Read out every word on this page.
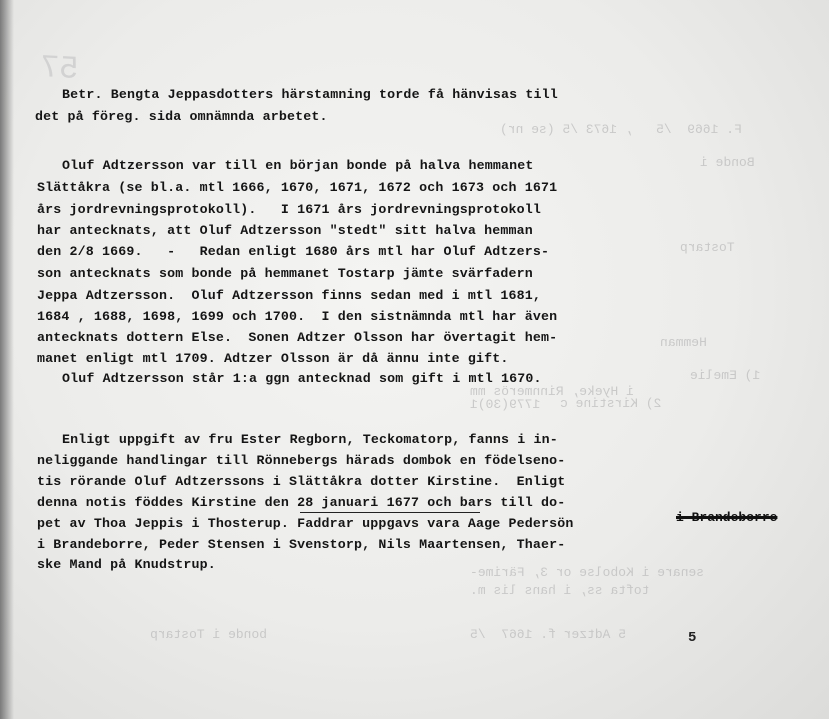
57
F. 1669  /5   , 1673 /5 (se nr)
Bonde i
Tostarp
Hemman
1) Emelie
i Hyeke, Rinnmerös mm
1779(30)1 2) Kirstine c
senare i Kobolse or 3, Färime-
tofta ss, i hans lis m.
bonde i Tostarp	5 Adtzer f. 1667  /5
Betr. Bengta Jeppasdotters härstamning torde få hänvisas till
det på föreg. sida omnämnda arbetet.
Oluf Adtzersson var till en början bonde på halva hemmanet
Slättåkra (se bl.a. mtl 1666, 1670, 1671, 1672 och 1673 och 1671
års jordrevningsprotokoll).   I 1671 års jordrevningsprotokoll
har antecknats, att Oluf Adtzersson "stedt" sitt halva hemman
den 2/8 1669.   -   Redan enligt 1680 års mtl har Oluf Adtzers-
son antecknats som bonde på hemmanet Tostarp jämte svärfadern
Jeppa Adtzersson.  Oluf Adtzersson finns sedan med i mtl 1681,
1684 , 1688, 1698, 1699 och 1700.  I den sistnämnda mtl har även
antecknats dottern Else.  Sonen Adtzer Olsson har övertagit hem-
manet enligt mtl 1709. Adtzer Olsson är då ännu inte gift.
Oluf Adtzersson står 1:a ggn antecknad som gift i mtl 1670.
Enligt uppgift av fru Ester Regborn, Teckomatorp, fanns i in-
neliggande handlingar till Rönnebergs härads dombok en födelseno-
tis rörande Oluf Adtzerssons i Slättåkra dotter Kirstine.  Enligt
denna notis föddes Kirstine den 28 januari 1677 och bars till do-
pet av Thoa Jeppis i Thosterup. Faddrar uppgavs vara Aage Pedersön
i Brandeborre, Peder Stensen i Svenstorp, Nils Maartensen, Thaer-
ske Mand på Knudstrup.
i Brandeborre
5
